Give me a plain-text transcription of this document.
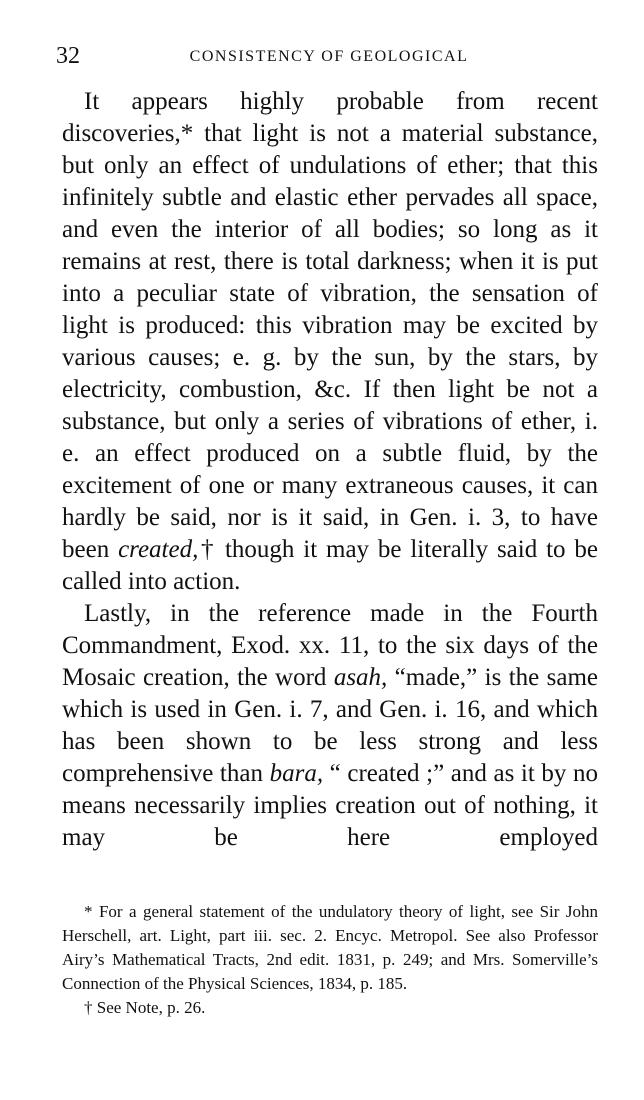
32	CONSISTENCY OF GEOLOGICAL

It appears highly probable from recent discoveries,* that light is not a material substance, but only an effect of undulations of ether; that this infinitely subtle and elastic ether pervades all space, and even the interior of all bodies; so long as it remains at rest, there is total darkness; when it is put into a peculiar state of vibration, the sensation of light is produced: this vibration may be excited by various causes; e. g. by the sun, by the stars, by electricity, combustion, &c. If then light be not a substance, but only a series of vibrations of ether, i. e. an effect produced on a subtle fluid, by the excitement of one or many extraneous causes, it can hardly be said, nor is it said, in Gen. i. 3, to have been created,† though it may be literally said to be called into action.

Lastly, in the reference made in the Fourth Commandment, Exod. xx. 11, to the six days of the Mosaic creation, the word asah, “made,” is the same which is used in Gen. i. 7, and Gen. i. 16, and which has been shown to be less strong and less comprehensive than bara, “ created ;” and as it by no means necessarily implies creation out of nothing, it may be here employed

* For a general statement of the undulatory theory of light, see Sir John Herschell, art. Light, part iii. sec. 2. Encyc. Metropol. See also Professor Airy’s Mathematical Tracts, 2nd edit. 1831, p. 249; and Mrs. Somerville’s Connection of the Physical Sciences, 1834, p. 185.

† See Note, p. 26.
